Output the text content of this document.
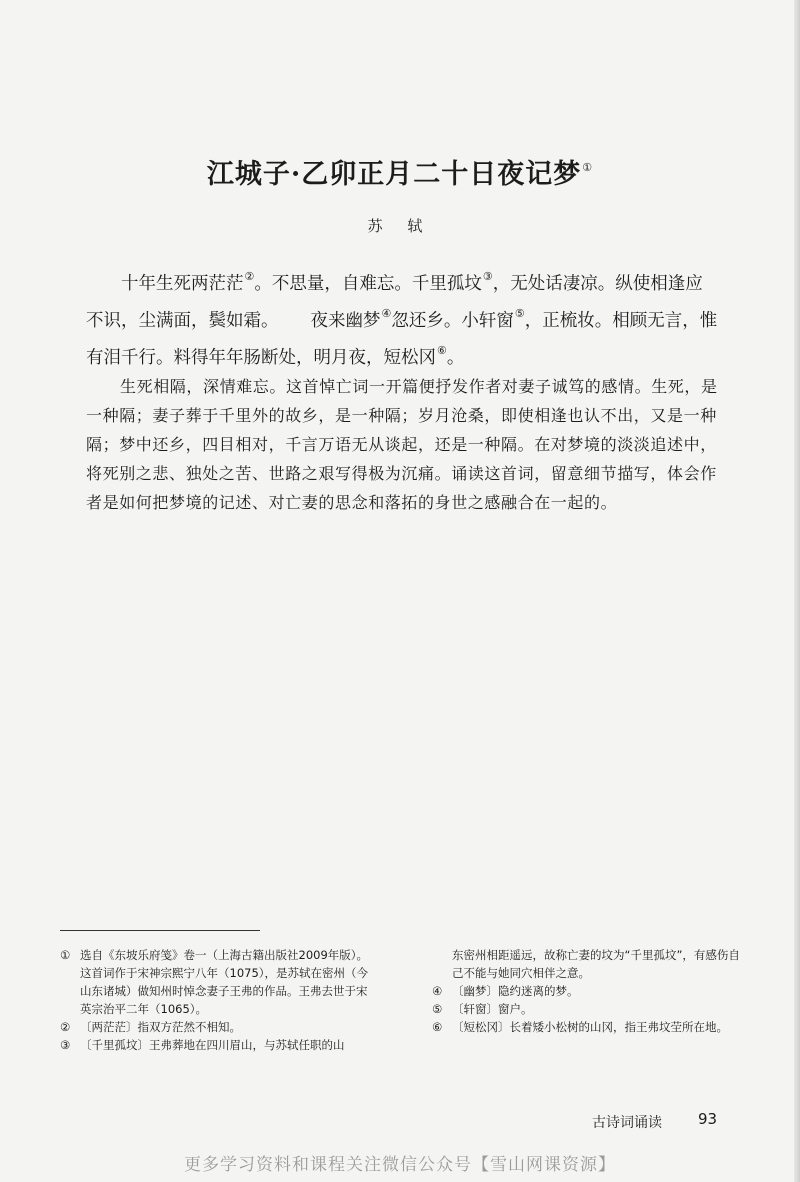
江城子·乙卯正月二十日夜记梦①
苏 轼

十年生死两茫茫②。不思量，自难忘。千里孤坟③，无处话凄凉。纵使相逢应不识，尘满面，鬓如霜。 夜来幽梦④忽还乡。小轩窗⑤，正梳妆。相顾无言，惟有泪千行。料得年年肠断处，明月夜，短松冈⑥。

生死相隔，深情难忘。这首悼亡词一开篇便抒发作者对妻子诚笃的感情。生死，是一种隔；妻子葬于千里外的故乡，是一种隔；岁月沧桑，即使相逢也认不出，又是一种隔；梦中还乡，四目相对，千言万语无从谈起，还是一种隔。在对梦境的淡淡追述中，将死别之悲、独处之苦、世路之艰写得极为沉痛。诵读这首词，留意细节描写，体会作者是如何把梦境的记述、对亡妻的思念和落拓的身世之感融合在一起的。

① 选自《东坡乐府笺》卷一（上海古籍出版社2009年版）。这首词作于宋神宗熙宁八年（1075），是苏轼在密州（今山东诸城）做知州时悼念妻子王弗的作品。王弗去世于宋英宗治平二年（1065）。
② 〔两茫茫〕指双方茫然不相知。
③ 〔千里孤坟〕王弗葬地在四川眉山，与苏轼任职的山
东密州相距遥远，故称亡妻的坟为“千里孤坟”，有感伤自己不能与她同穴相伴之意。
④ 〔幽梦〕隐约迷离的梦。
⑤ 〔轩窗〕窗户。
⑥ 〔短松冈〕长着矮小松树的山冈，指王弗坟茔所在地。
古诗词诵读 93
更多学习资料和课程关注微信公众号【雪山网课资源】
